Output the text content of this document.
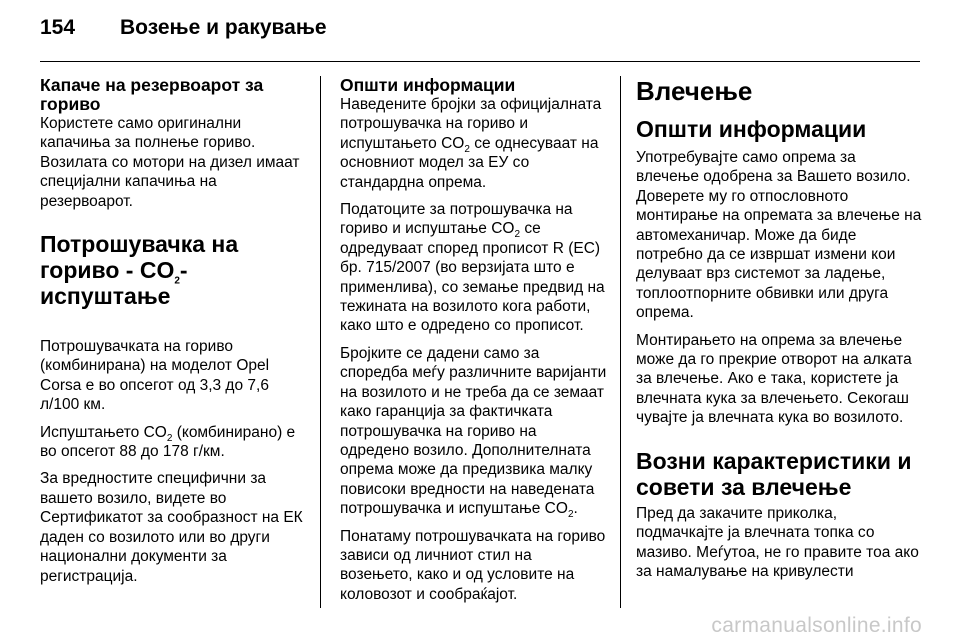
154	Возење и ракување
Капаче на резервоарот за гориво

Користете само оригинални капачиња за полнење гориво. Возилата со мотори на дизел имаат специјални капачиња на резервоарот.

Потрошувачка на
гориво - $CO_2$-испуштање

Потрошувачката на гориво (комбинирана) на моделот Opel Corsa е во опсегот од 3,3 до 7,6 л/100 км.

Испуштањето $CO_2$ (комбинирано) е во опсегот 88 до 178 г/км.

За вредностите специфични за вашето возило, видете во Сертификатот за сообразност на ЕК даден со возилото или во други национални документи за регистрација.

Општи информации

Наведените бројки за официјалната потрошувачка на гориво и испуштањето $CO_2$ се однесуваат на основниот модел за ЕУ со стандардна опрема.

Податоците за потрошувачка на гориво и испуштање $CO_2$ се одредуваат според прописот R (EC) бр. 715/2007 (во верзијата што е применлива), со земање предвид на тежината на возилото кога работи, како што е одредено со прописот.

Бројките се дадени само за споредба меѓу различните варијанти на возилото и не треба да се земаат како гаранција за фактичката потрошувачка на гориво на одредено возило. Дополнителната опрема може да предизвика малку повисоки вредности на наведената потрошувачка и испуштање $CO_2$.

Понатаму потрошувачката на гориво зависи од личниот стил на возењето, како и од условите на коловозот и сообраќајот.

Влечење
Општи информации

Употребувајте само опрема за влечење одобрена за Вашето возило. Доверете му го отпословното монтирање на опремата за влечење на автомеханичар. Може да биде потребно да се извршат измени кои делуваат врз системот за ладење, топлоотпорните обвивки или друга опрема.

Монтирањето на опрема за влечење може да го прекрие отворот на алката за влечење. Ако е така, користете ја влечната кука за влечењето. Секогаш чувајте ја влечната кука во возилото.

Возни карактеристики и совети за влечење

Пред да закачите приколка, подмачкајте ја влечната топка со мазиво. Меѓутоа, не го правите тоа ако за намалување на кривулести

carmanualsonline.info
